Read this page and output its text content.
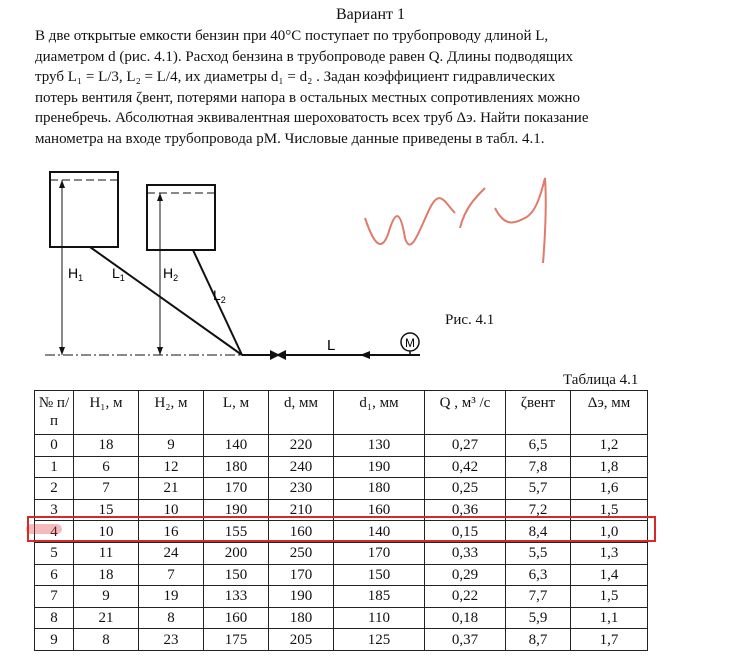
Вариант 1

В две открытые емкости бензин при 40°C поступает по трубопроводу длиной L,

диаметром d (рис. 4.1). Расход бензина в трубопроводе равен Q. Длины подводящих

труб L₁ = L/3, L₂ = L/4, их диаметры d₁ = d₂ . Задан коэффициент гидравлических

потерь вентиля ζвент, потерями напора в остальных местных сопротивлениях можно

пренебречь. Абсолютная эквивалентная шероховатость всех труб Δэ. Найти показание

манометра на входе трубопровода pМ. Числовые данные приведены в табл. 4.1.

M
$H_1$	$H_2$
$L_1$
$L_2$
L
Рис. 4.1
Таблица 4.1
№ п/п	H₁, м	H₂, м	L, м	d, мм	d₁, мм	Q , м³ /с	ζвент	Δэ, мм
0	18	9	140	220	130	0,27	6,5	1,2
1	6	12	180	240	190	0,42	7,8	1,8
2	7	21	170	230	180	0,25	5,7	1,6
3	15	10	190	210	160	0,36	7,2	1,5
4	10	16	155	160	140	0,15	8,4	1,0
5	11	24	200	250	170	0,33	5,5	1,3
6	18	7	150	170	150	0,29	6,3	1,4
7	9	19	133	190	185	0,22	7,7	1,5
8	21	8	160	180	110	0,18	5,9	1,1
9	8	23	175	205	125	0,37	8,7	1,7
